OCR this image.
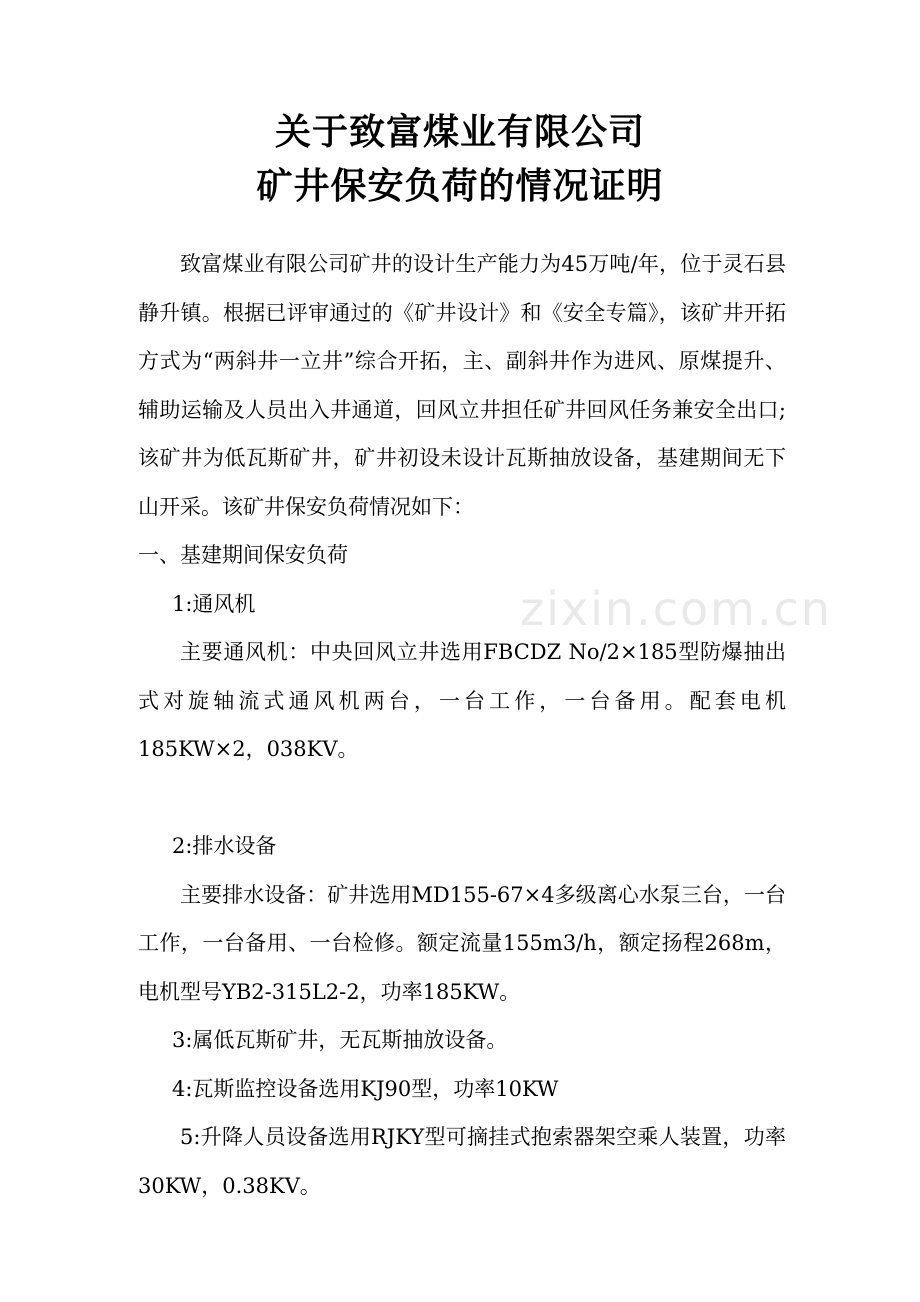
zixin.com.cn
关于致富煤业有限公司
矿井保安负荷的情况证明

致富煤业有限公司矿井的设计生产能力为45万吨/年，位于灵石县静升镇。根据已评审通过的《矿井设计》和《安全专篇》，该矿井开拓方式为“两斜井一立井”综合开拓，主、副斜井作为进风、原煤提升、辅助运输及人员出入井通道，回风立井担任矿井回风任务兼安全出口; 该矿井为低瓦斯矿井，矿井初设未设计瓦斯抽放设备，基建期间无下山开采。该矿井保安负荷情况如下：

一、基建期间保安负荷

1:通风机

主要通风机：中央回风立井选用FBCDZ No/2×185型防爆抽出式对旋轴流式通风机两台，一台工作，一台备用。配套电机185KW×2，038KV。

2:排水设备

主要排水设备：矿井选用MD155-67×4多级离心水泵三台，一台工作，一台备用、一台检修。额定流量155m3/h，额定扬程268m，电机型号YB2-315L2-2，功率185KW。

3:属低瓦斯矿井，无瓦斯抽放设备。

4:瓦斯监控设备选用KJ90型，功率10KW

5:升降人员设备选用RJKY型可摘挂式抱索器架空乘人装置，功率 30KW，0.38KV。
